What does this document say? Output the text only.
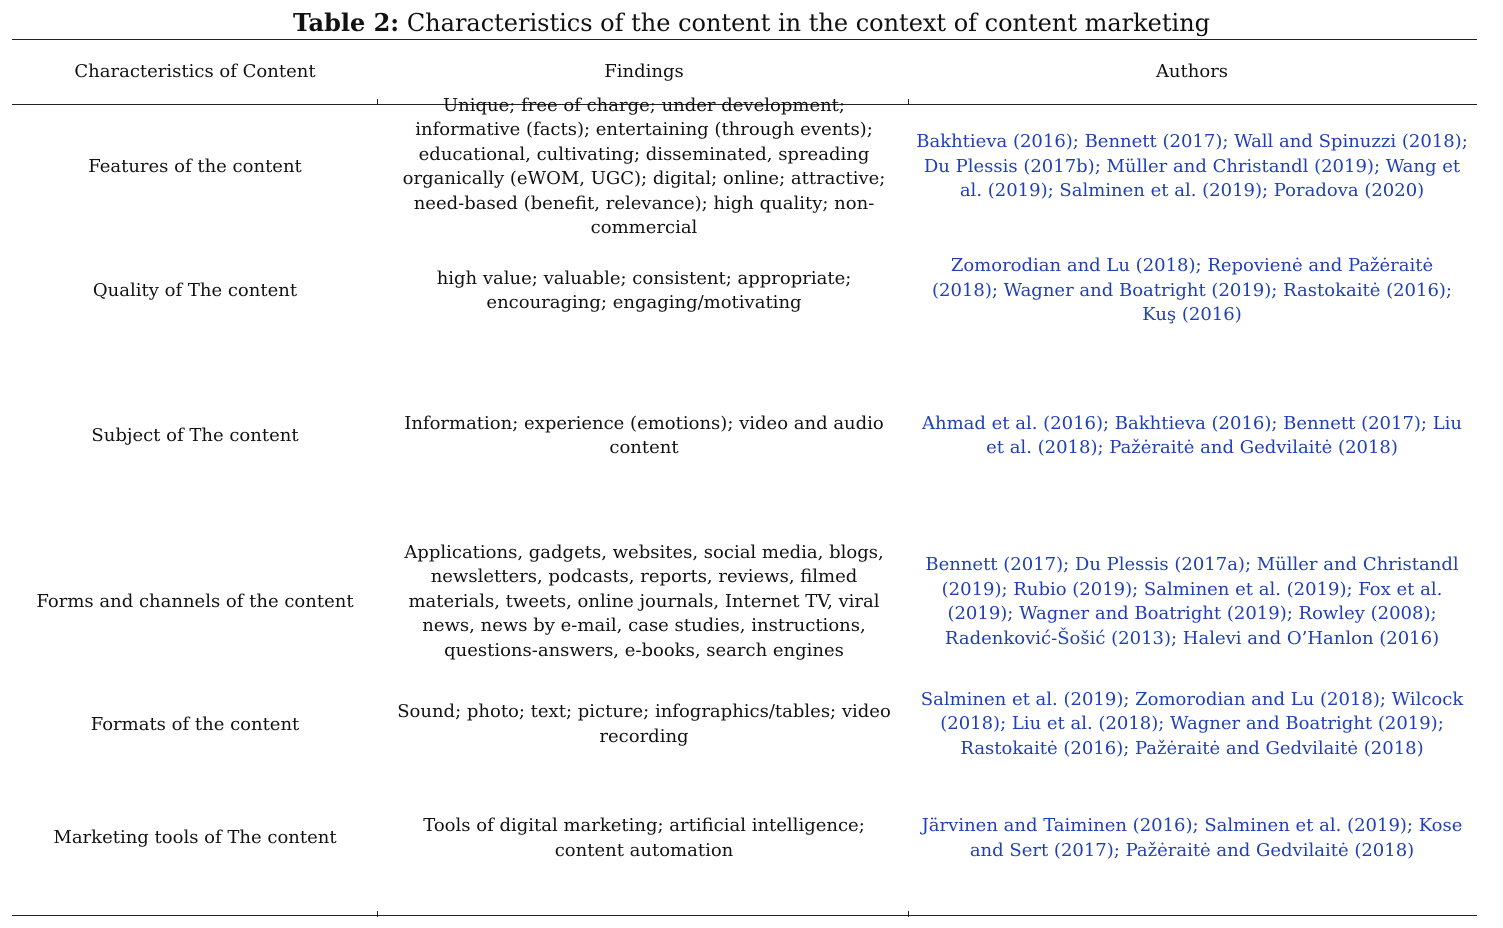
Table 2: Characteristics of the content in the context of content marketing
Characteristics of Content	Findings	Authors
Features of the content
Unique; free of charge; under development; informative (facts); entertaining (through events); educational, cultivating; disseminated, spreading organically (eWOM, UGC); digital; online; attractive; need-based (benefit, relevance); high quality; non-commercial
Bakhtieva (2016); Bennett (2017); Wall and Spinuzzi (2018); Du Plessis (2017b); Müller and Christandl (2019); Wang et al. (2019); Salminen et al. (2019); Poradova (2020)
Quality of The content
high value; valuable; consistent; appropriate; encouraging; engaging/motivating
Zomorodian and Lu (2018); Repovienė and Pažėraitė (2018); Wagner and Boatright (2019); Rastokaitė (2016); Kuş (2016)
Subject of The content
Information; experience (emotions); video and audio content
Ahmad et al. (2016); Bakhtieva (2016); Bennett (2017); Liu et al. (2018); Pažėraitė and Gedvilaitė (2018)
Forms and channels of the content
Applications, gadgets, websites, social media, blogs, newsletters, podcasts, reports, reviews, filmed materials, tweets, online journals, Internet TV, viral news, news by e-mail, case studies, instructions, questions-answers, e-books, search engines
Bennett (2017); Du Plessis (2017a); Müller and Christandl (2019); Rubio (2019); Salminen et al. (2019); Fox et al. (2019); Wagner and Boatright (2019); Rowley (2008); Radenković-Šošić (2013); Halevi and O’Hanlon (2016)
Formats of the content
Sound; photo; text; picture; infographics/tables; video recording
Salminen et al. (2019); Zomorodian and Lu (2018); Wilcock (2018); Liu et al. (2018); Wagner and Boatright (2019); Rastokaitė (2016); Pažėraitė and Gedvilaitė (2018)
Marketing tools of The content
Tools of digital marketing; artificial intelligence; content automation
Järvinen and Taiminen (2016); Salminen et al. (2019); Kose and Sert (2017); Pažėraitė and Gedvilaitė (2018)
